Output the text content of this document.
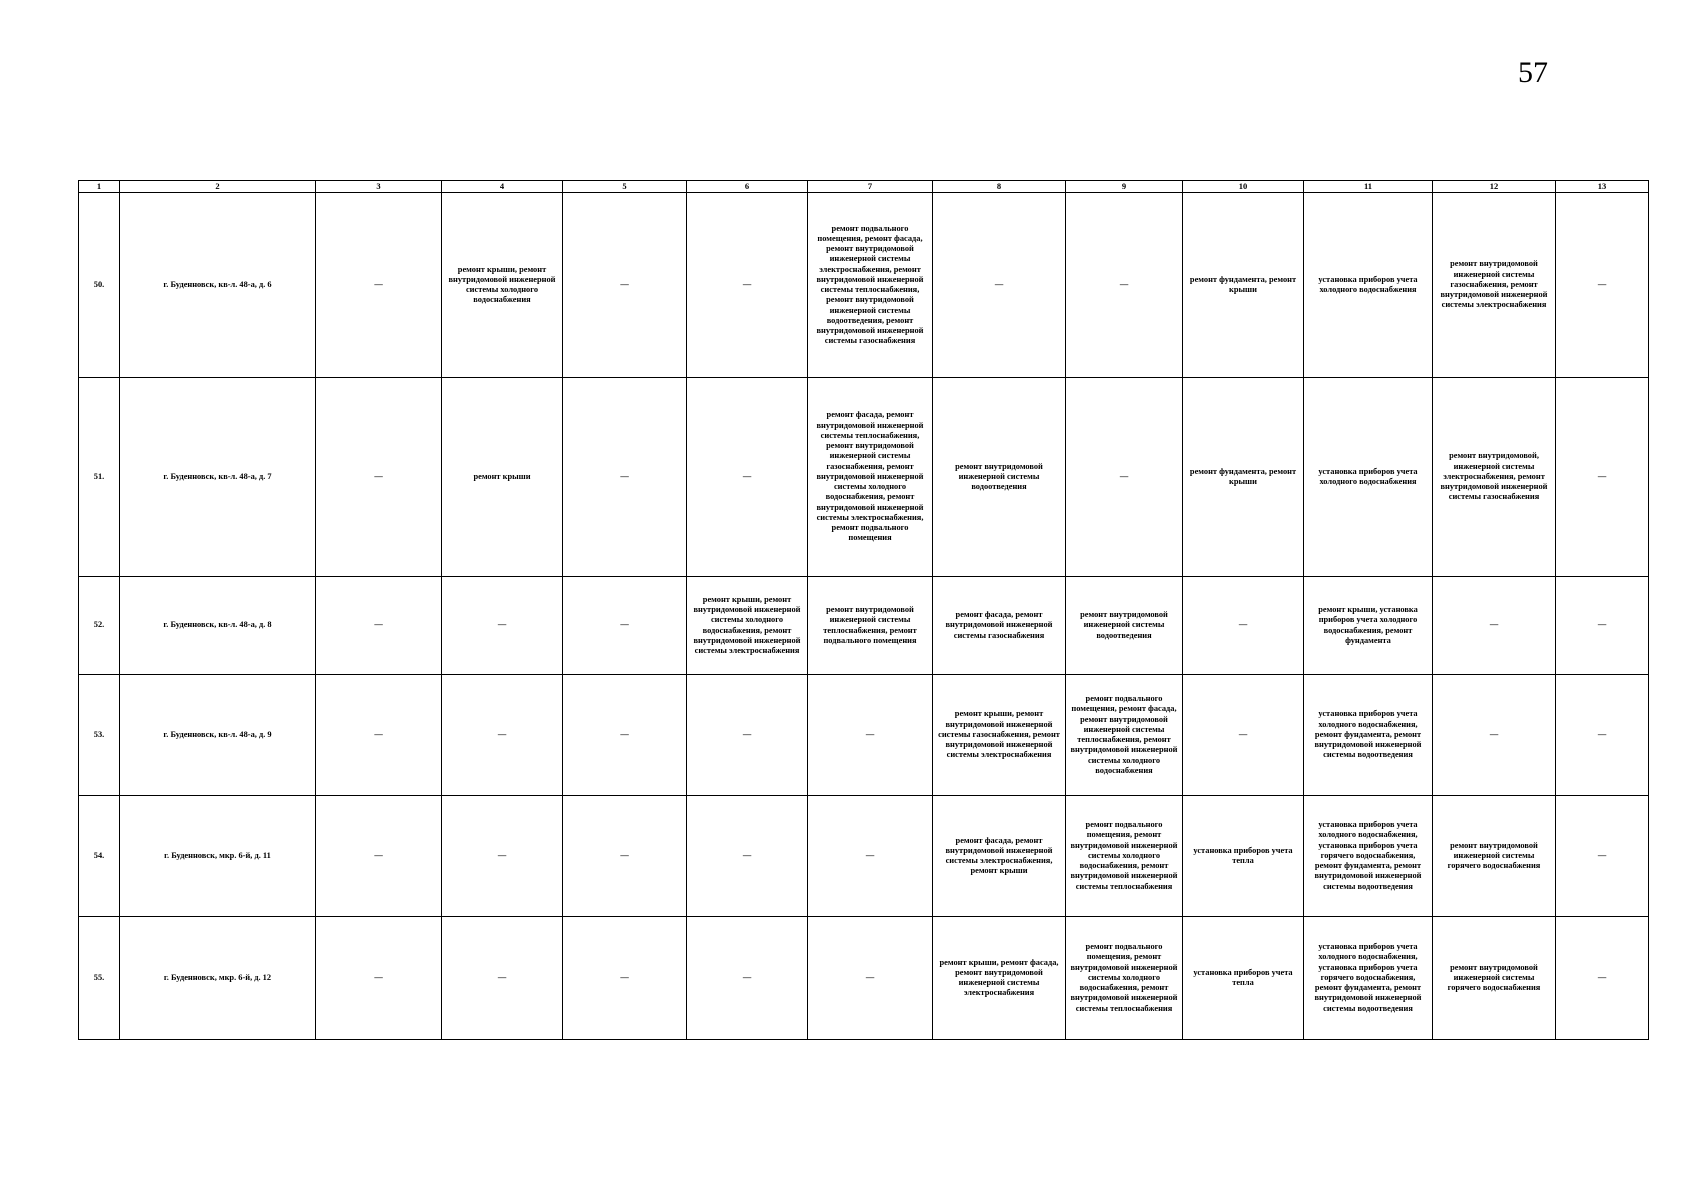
57
1	2	3	4	5	6	7	8	9	10	11	12	13
50.	г. Буденновск, кв-л. 48-а, д. 6	—	ремонт крыши, ремонт внутридомовой инженерной системы холодного водоснабжения	—	—	ремонт подвального помещения, ремонт фасада, ремонт внутридомовой инженерной системы электроснабжения, ремонт внутридомовой инженерной системы теплоснабжения, ремонт внутридомовой инженерной системы водоотведения, ремонт внутридомовой инженерной системы газоснабжения	—	—	ремонт фундамента, ремонт крыши	установка приборов учета холодного водоснабжения	ремонт внутридомовой инженерной системы газоснабжения, ремонт внутридомовой инженерной системы электроснабжения	—
51.	г. Буденновск, кв-л. 48-а, д. 7	—	ремонт крыши	—	—	ремонт фасада, ремонт внутридомовой инженерной системы теплоснабжения, ремонт внутридомовой инженерной системы газоснабжения, ремонт внутридомовой инженерной системы холодного водоснабжения, ремонт внутридомовой инженерной системы электроснабжения, ремонт подвального помещения	ремонт внутридомовой инженерной системы водоотведения	—	ремонт фундамента, ремонт крыши	установка приборов учета холодного водоснабжения	ремонт внутридомовой, инженерной системы электроснабжения, ремонт внутридомовой инженерной системы газоснабжения	—
52.	г. Буденновск, кв-л. 48-а, д. 8	—	—	—	ремонт крыши, ремонт внутридомовой инженерной системы холодного водоснабжения, ремонт внутридомовой инженерной системы электроснабжения	ремонт внутридомовой инженерной системы теплоснабжения, ремонт подвального помещения	ремонт фасада, ремонт внутридомовой инженерной системы газоснабжения	ремонт внутридомовой инженерной системы водоотведения	—	ремонт крыши, установка приборов учета холодного водоснабжения, ремонт фундамента	—	—
53.	г. Буденновск, кв-л. 48-а, д. 9	—	—	—	—	—	ремонт крыши, ремонт внутридомовой инженерной системы газоснабжения, ремонт внутридомовой инженерной системы электроснабжения	ремонт подвального помещения, ремонт фасада, ремонт внутридомовой инженерной системы теплоснабжения, ремонт внутридомовой инженерной системы холодного водоснабжения	—	установка приборов учета холодного водоснабжения, ремонт фундамента, ремонт внутридомовой инженерной системы водоотведения	—	—
54.	г. Буденновск, мкр. 6-й, д. 11	—	—	—	—	—	ремонт фасада, ремонт внутридомовой инженерной системы электроснабжения, ремонт крыши	ремонт подвального помещения, ремонт внутридомовой инженерной системы холодного водоснабжения, ремонт внутридомовой инженерной системы теплоснабжения	установка приборов учета тепла	установка приборов учета холодного водоснабжения, установка приборов учета горячего водоснабжения, ремонт фундамента, ремонт внутридомовой инженерной системы водоотведения	ремонт внутридомовой инженерной системы горячего водоснабжения	—
55.	г. Буденновск, мкр. 6-й, д. 12	—	—	—	—	—	ремонт крыши, ремонт фасада, ремонт внутридомовой инженерной системы электроснабжения	ремонт подвального помещения, ремонт внутридомовой инженерной системы холодного водоснабжения, ремонт внутридомовой инженерной системы теплоснабжения	установка приборов учета тепла	установка приборов учета холодного водоснабжения, установка приборов учета горячего водоснабжения, ремонт фундамента, ремонт внутридомовой инженерной системы водоотведения	ремонт внутридомовой инженерной системы горячего водоснабжения	—
